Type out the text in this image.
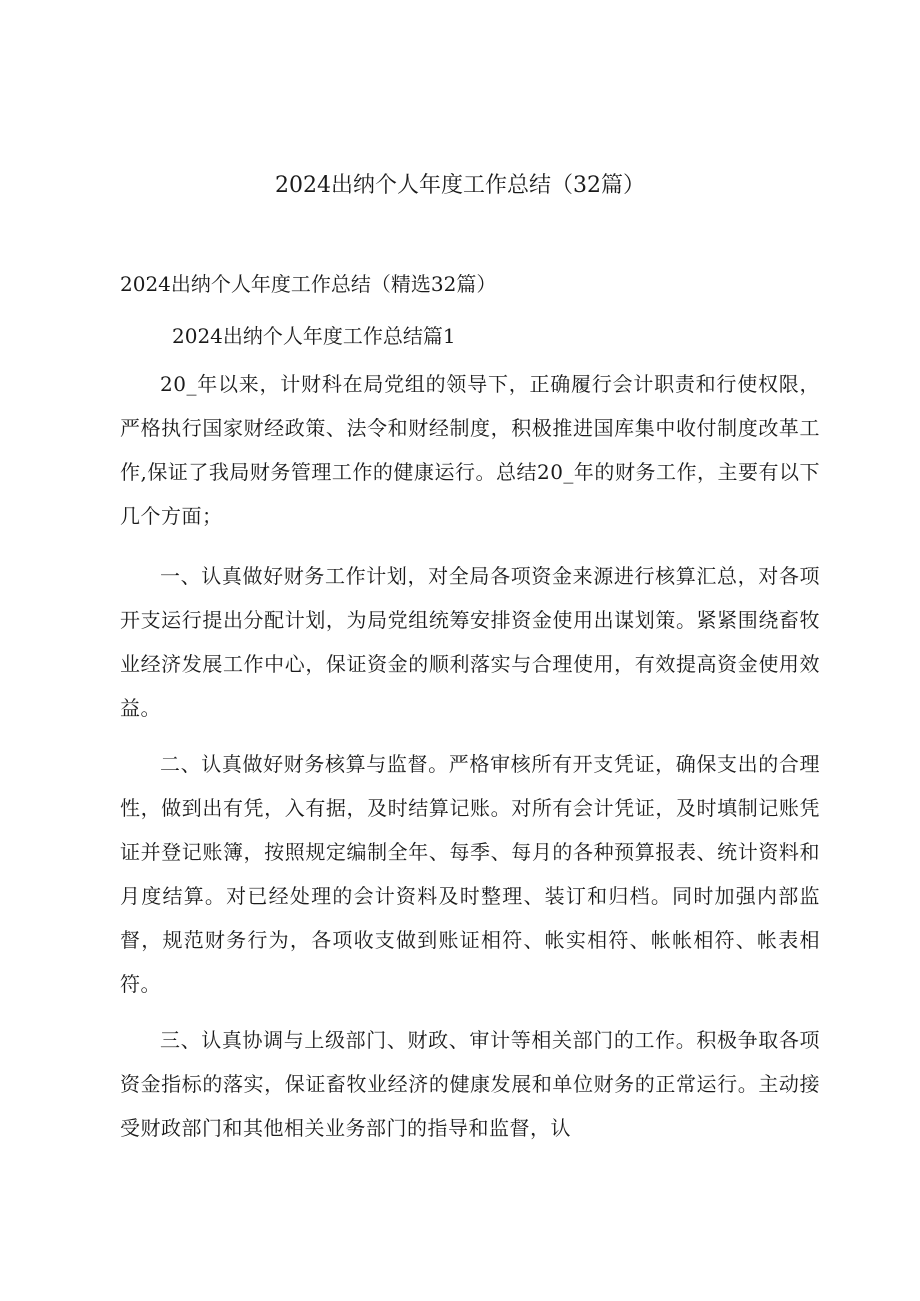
2024出纳个人年度工作总结（32篇）

2024出纳个人年度工作总结（精选32篇）

2024出纳个人年度工作总结篇1

20_年以来，计财科在局党组的领导下，正确履行会计职责和行使权限，严格执行国家财经政策、法令和财经制度，积极推进国库集中收付制度改革工作,保证了我局财务管理工作的健康运行。总结20_年的财务工作，主要有以下几个方面；

一、认真做好财务工作计划，对全局各项资金来源进行核算汇总，对各项开支运行提出分配计划，为局党组统筹安排资金使用出谋划策。紧紧围绕畜牧业经济发展工作中心，保证资金的顺利落实与合理使用，有效提高资金使用效益。

二、认真做好财务核算与监督。严格审核所有开支凭证，确保支出的合理性，做到出有凭，入有据，及时结算记账。对所有会计凭证，及时填制记账凭证并登记账簿，按照规定编制全年、每季、每月的各种预算报表、统计资料和月度结算。对已经处理的会计资料及时整理、装订和归档。同时加强内部监督，规范财务行为，各项收支做到账证相符、帐实相符、帐帐相符、帐表相符。

三、认真协调与上级部门、财政、审计等相关部门的工作。积极争取各项资金指标的落实，保证畜牧业经济的健康发展和单位财务的正常运行。主动接受财政部门和其他相关业务部门的指导和监督，认
